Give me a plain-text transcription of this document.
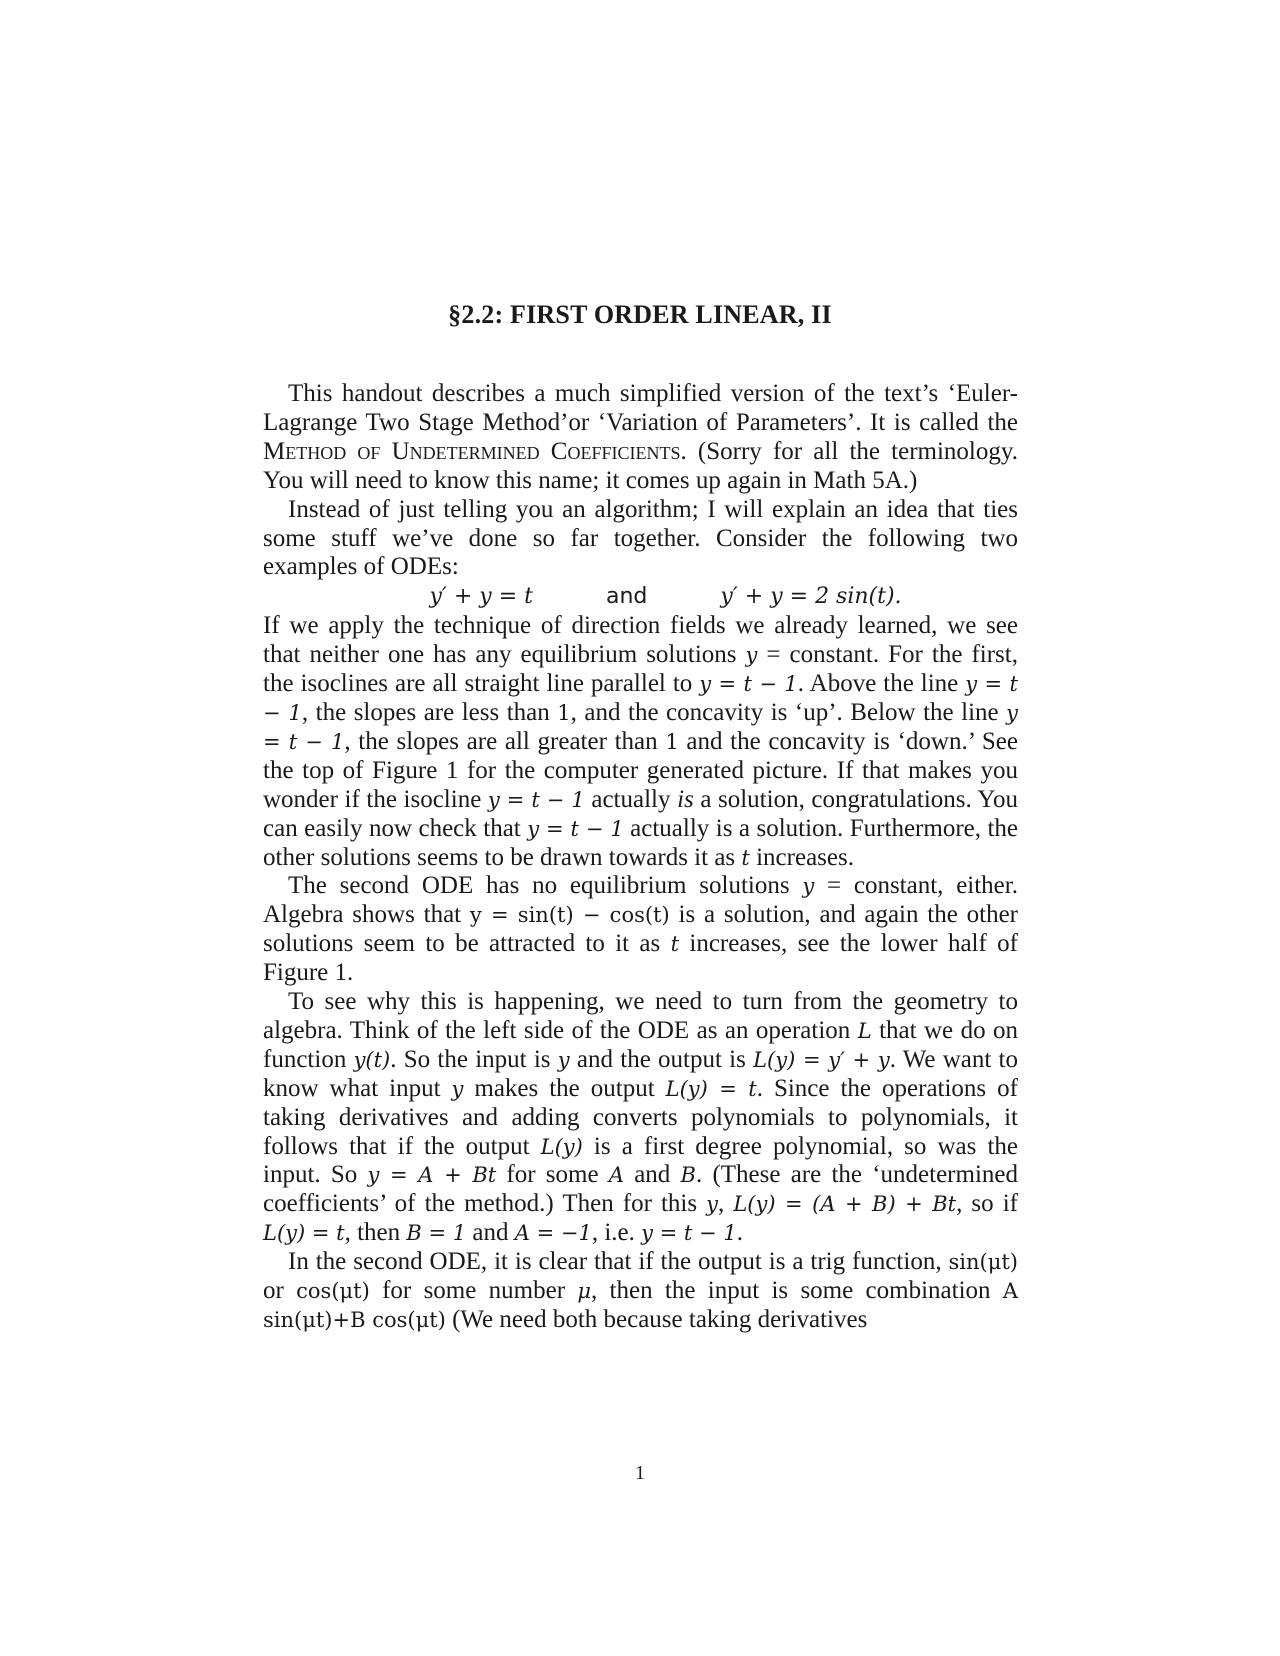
§2.2: FIRST ORDER LINEAR, II

This handout describes a much simplified version of the text’s ‘Euler-Lagrange Two Stage Method’or ‘Variation of Parameters’. It is called the Method of Undetermined Coefficients. (Sorry for all the terminology. You will need to know this name; it comes up again in Math 5A.)

Instead of just telling you an algorithm; I will explain an idea that ties some stuff we’ve done so far together. Consider the following two examples of ODEs:

y′ + y = t	and	y′ + y = 2 sin(t).

If we apply the technique of direction fields we already learned, we see that neither one has any equilibrium solutions y = constant. For the first, the isoclines are all straight line parallel to y = t − 1. Above the line y = t − 1, the slopes are less than 1, and the concavity is ‘up’. Below the line y = t − 1, the slopes are all greater than 1 and the concavity is ‘down.’ See the top of Figure 1 for the computer generated picture. If that makes you wonder if the isocline y = t − 1 actually is a solution, congratulations. You can easily now check that y = t − 1 actually is a solution. Furthermore, the other solutions seems to be drawn towards it as t increases.

The second ODE has no equilibrium solutions y = constant, either. Algebra shows that y = sin(t) − cos(t) is a solution, and again the other solutions seem to be attracted to it as t increases, see the lower half of Figure 1.

To see why this is happening, we need to turn from the geometry to algebra. Think of the left side of the ODE as an operation L that we do on function y(t). So the input is y and the output is L(y) = y′ + y. We want to know what input y makes the output L(y) = t. Since the operations of taking derivatives and adding converts polynomials to polynomials, it follows that if the output L(y) is a first degree polynomial, so was the input. So y = A + Bt for some A and B. (These are the ‘undetermined coefficients’ of the method.) Then for this y, L(y) = (A + B) + Bt, so if L(y) = t, then B = 1 and A = −1, i.e. y = t − 1.

In the second ODE, it is clear that if the output is a trig function, sin(μt) or cos(μt) for some number μ, then the input is some combination A sin(μt)+B cos(μt) (We need both because taking derivatives

1
